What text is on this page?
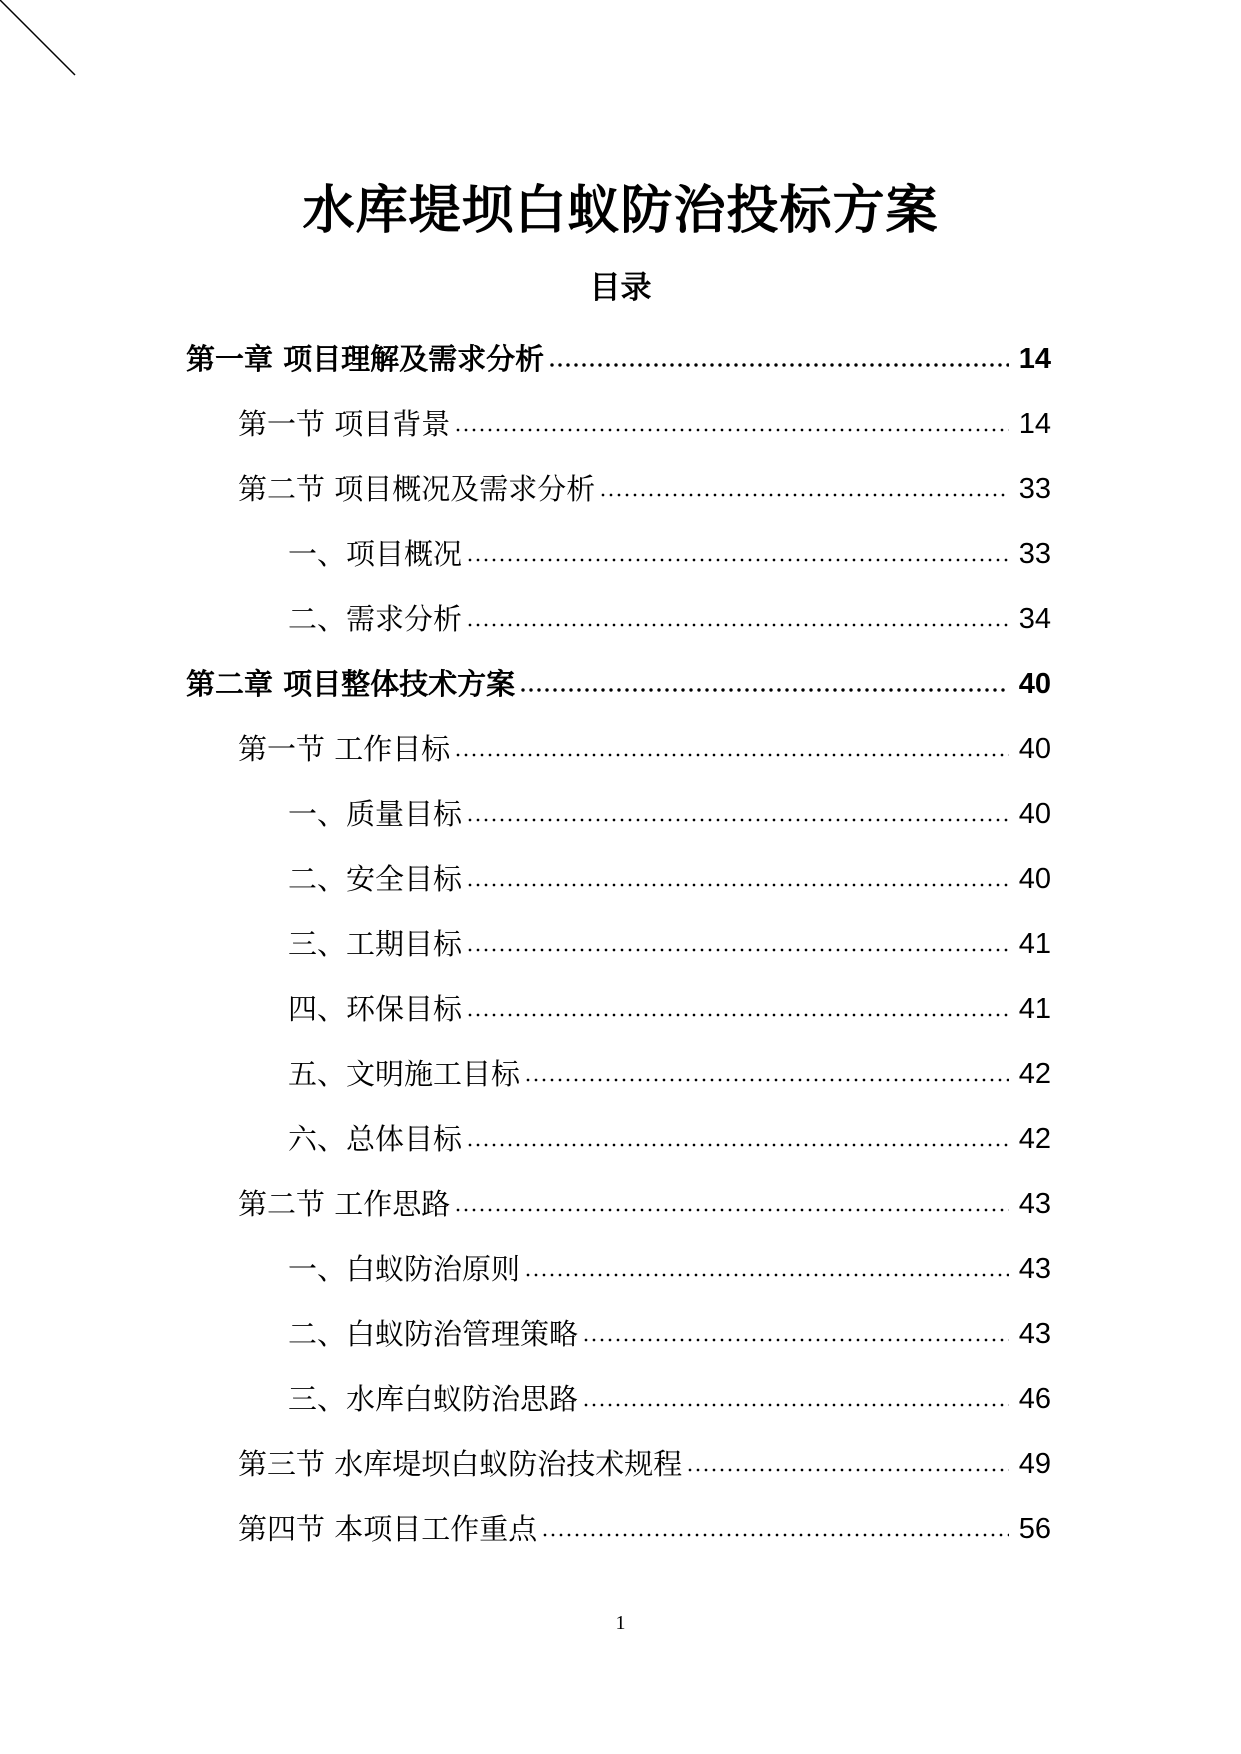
水库堤坝白蚁防治投标方案
目录
第一章 项目理解及需求分析	14
第一节 项目背景	14
第二节 项目概况及需求分析	33
一、项目概况	33
二、需求分析	34
第二章 项目整体技术方案	40
第一节 工作目标	40
一、质量目标	40
二、安全目标	40
三、工期目标	41
四、环保目标	41
五、文明施工目标	42
六、总体目标	42
第二节 工作思路	43
一、白蚁防治原则	43
二、白蚁防治管理策略	43
三、水库白蚁防治思路	46
第三节 水库堤坝白蚁防治技术规程	49
第四节 本项目工作重点	56
1
